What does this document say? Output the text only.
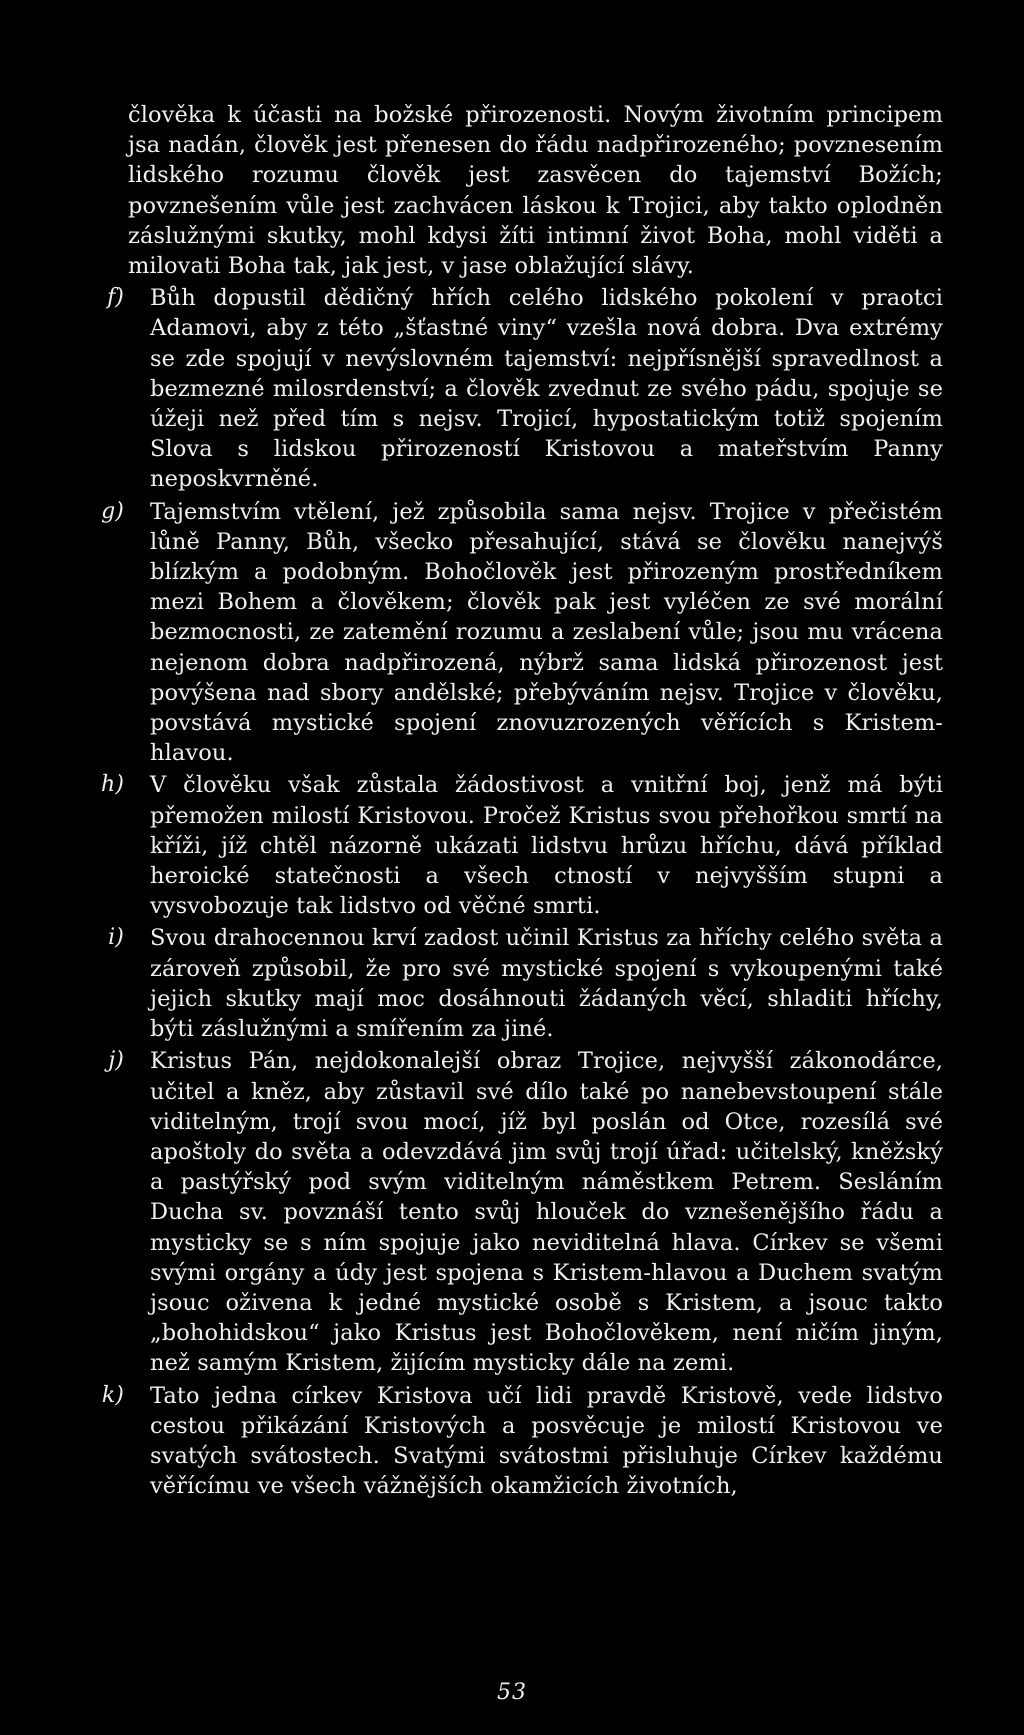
člověka k účasti na božské přirozenosti. Novým životním principem jsa nadán, člověk jest přenesen do řádu nadpřirozeného; povznesením lidského rozumu člověk jest zasvěcen do tajemství Božích; povznešením vůle jest zachvácen láskou k Trojici, aby takto oplodněn záslužnými skutky, mohl kdysi žíti intimní život Boha, mohl viděti a milovati Boha tak, jak jest, v jase oblažující slávy.

f) Bůh dopustil dědičný hřích celého lidského pokolení v praotci Adamovi, aby z této „šťastné viny“ vzešla nová dobra. Dva extrémy se zde spojují v nevýslovném tajemství: nejpřísnější spravedlnost a bezmezné milosrdenství; a člověk zvednut ze svého pádu, spojuje se úžeji než před tím s nejsv. Trojicí, hypostatickým totiž spojením Slova s lidskou přirozeností Kristovou a mateřstvím Panny neposkvrněné.

g) Tajemstvím vtělení, jež způsobila sama nejsv. Trojice v přečistém lůně Panny, Bůh, všecko přesahující, stává se člověku nanejvýš blízkým a podobným. Bohočlověk jest přirozeným prostředníkem mezi Bohem a člověkem; člověk pak jest vyléčen ze své morální bezmocnosti, ze zatemění rozumu a zeslabení vůle; jsou mu vrácena nejenom dobra nadpřirozená, nýbrž sama lidská přirozenost jest povýšena nad sbory andělské; přebýváním nejsv. Trojice v člověku, povstává mystické spojení znovuzrozených věřících s Kristem-hlavou.

h) V člověku však zůstala žádostivost a vnitřní boj, jenž má býti přemožen milostí Kristovou. Pročež Kristus svou přehořkou smrtí na kříži, jíž chtěl názorně ukázati lidstvu hrůzu hříchu, dává příklad heroické statečnosti a všech ctností v nejvyšším stupni a vysvobozuje tak lidstvo od věčné smrti.

i) Svou drahocennou krví zadost učinil Kristus za hříchy celého světa a zároveň způsobil, že pro své mystické spojení s vykoupenými také jejich skutky mají moc dosáhnouti žádaných věcí, shladiti hříchy, býti záslužnými a smířením za jiné.

j) Kristus Pán, nejdokonalejší obraz Trojice, nejvyšší zákonodárce, učitel a kněz, aby zůstavil své dílo také po nanebevstoupení stále viditelným, trojí svou mocí, jíž byl poslán od Otce, rozesílá své apoštoly do světa a odevzdává jim svůj trojí úřad: učitelský, kněžský a pastýřský pod svým viditelným náměstkem Petrem. Sesláním Ducha sv. povznáší tento svůj hlouček do vznešenějšího řádu a mysticky se s ním spojuje jako neviditelná hlava. Církev se všemi svými orgány a údy jest spojena s Kristem-hlavou a Duchem svatým jsouc oživena k jedné mystické osobě s Kristem, a jsouc takto „bohohidskou“ jako Kristus jest Bohočlověkem, není ničím jiným, než samým Kristem, žijícím mysticky dále na zemi.

k) Tato jedna církev Kristova učí lidi pravdě Kristově, vede lidstvo cestou přikázání Kristových a posvěcuje je milostí Kristovou ve svatých svátostech. Svatými svátostmi přisluhuje Církev každému věřícímu ve všech vážnějších okamžicích životních,

53
